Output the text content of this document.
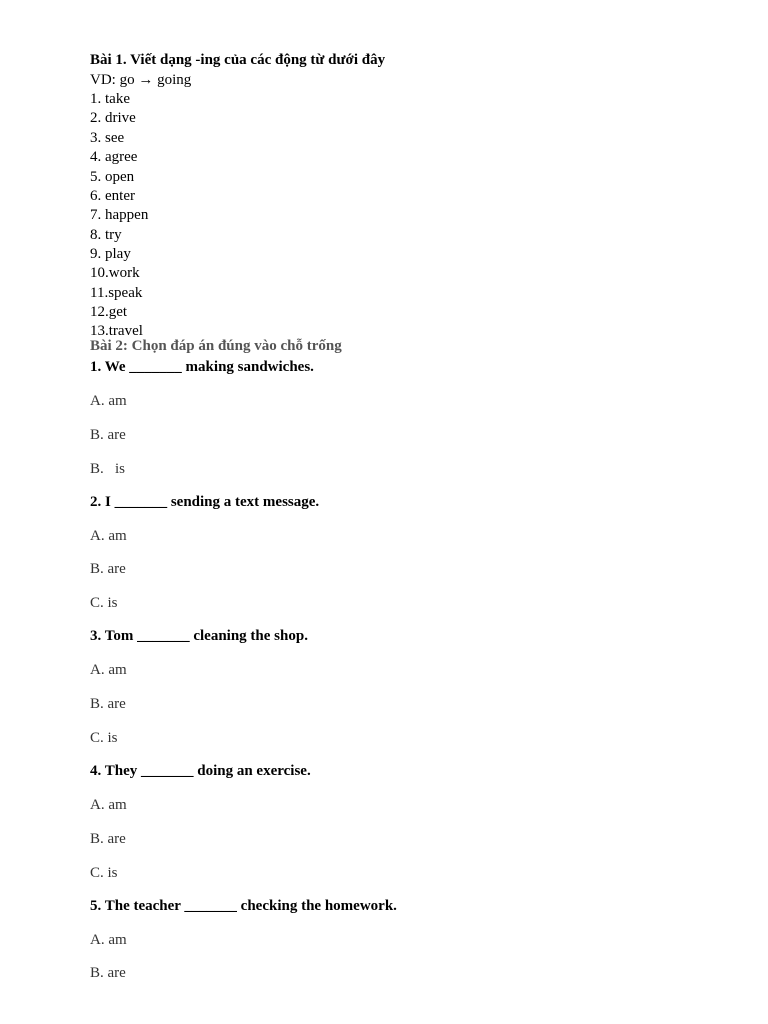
Bài 1. Viết dạng -ing của các động từ dưới đây
VD: go → going
1. take
2. drive
3. see
4. agree
5. open
6. enter
7. happen
8. try
9. play
10.work
11.speak
12.get
13.travel
Bài 2: Chọn đáp án đúng vào chỗ trống
1. We _______ making sandwiches.
A. am
B. are
B.   is
2. I _______ sending a text message.
A. am
B. are
C. is
3. Tom _______ cleaning the shop.
A. am
B. are
C. is
4. They _______ doing an exercise.
A. am
B. are
C. is
5. The teacher _______ checking the homework.
A. am
B. are
